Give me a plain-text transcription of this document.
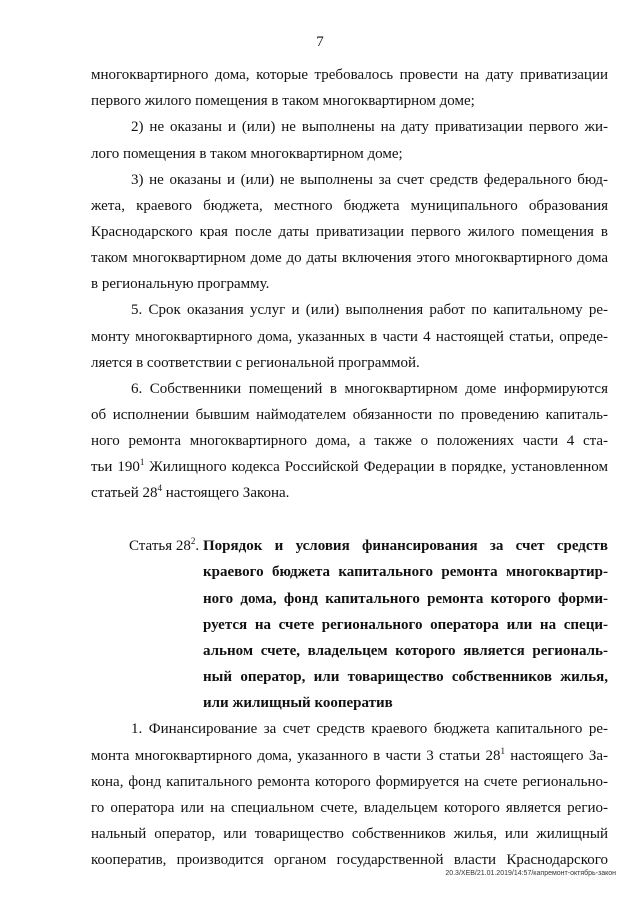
7
многоквартирного дома, которые требовалось провести на дату приватизации
первого жилого помещения в таком многоквартирном доме;
2) не оказаны и (или) не выполнены на дату приватизации первого жи-
лого помещения в таком многоквартирном доме;
3) не оказаны и (или) не выполнены за счет средств федерального бюд-
жета, краевого бюджета, местного бюджета муниципального образования
Краснодарского края после даты приватизации первого жилого помещения в
таком многоквартирном доме до даты включения этого многоквартирного дома
в региональную программу.
5. Срок оказания услуг и (или) выполнения работ по капитальному ре-
монту многоквартирного дома, указанных в части 4 настоящей статьи, опреде-
ляется в соответствии с региональной программой.
6. Собственники помещений в многоквартирном доме информируются
об исполнении бывшим наймодателем обязанности по проведению капиталь-
ного ремонта многоквартирного дома, а также о положениях части 4 ста-
тьи $190^1$ Жилищного кодекса Российской Федерации в порядке, установленном
статьей $28^4$ настоящего Закона.
Статья $28^2$. Порядок и условия финансирования за счет средств
краевого бюджета капитального ремонта многоквартир-
ного дома, фонд капитального ремонта которого форми-
руется на счете регионального оператора или на специ-
альном счете, владельцем которого является региональ-
ный оператор, или товарищество собственников жилья,
или жилищный кооператив
1. Финансирование за счет средств краевого бюджета капитального ре-
монта многоквартирного дома, указанного в части 3 статьи $28^1$ настоящего За-
кона, фонд капитального ремонта которого формируется на счете регионально-
го оператора или на специальном счете, владельцем которого является регио-
нальный оператор, или товарищество собственников жилья, или жилищный
кооператив, производится органом государственной власти Краснодарского
20.3/XEB/21.01.2019/14:57/капремонт-октябрь-закон
